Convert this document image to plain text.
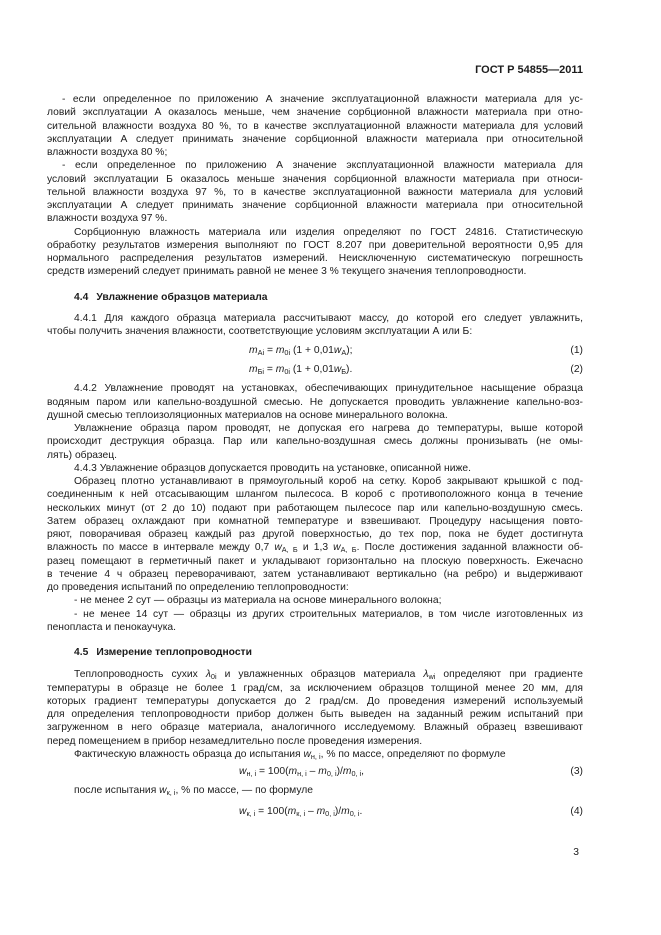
ГОСТ Р 54855—2011
- если определенное по приложению А значение эксплуатационной влажности материала для ус-
ловий эксплуатации А оказалось меньше, чем значение сорбционной влажности материала при отно-
сительной влажности воздуха 80 %, то в качестве эксплуатационной влажности материала для условий
эксплуатации А следует принимать значение сорбционной влажности материала при относительной
влажности воздуха 80 %;
- если определенное по приложению А значение эксплуатационной влажности материала для
условий эксплуатации Б оказалось меньше значения сорбционной влажности материала при относи-
тельной влажности воздуха 97 %, то в качестве эксплуатационной важности материала для условий
эксплуатации А следует принимать значение сорбционной влажности материала при относительной
влажности воздуха 97 %.
Сорбционную влажность материала или изделия определяют по ГОСТ 24816. Статистическую
обработку результатов измерения выполняют по ГОСТ 8.207 при доверительной вероятности 0,95 для
нормального распределения результатов измерений. Неисключенную систематическую погрешность
средств измерений следует принимать равной не менее 3 % текущего значения теплопроводности.
4.4 Увлажнение образцов материала
4.4.1 Для каждого образца материала рассчитывают массу, до которой его следует увлажнить,
чтобы получить значения влажности, соответствующие условиям эксплуатации А или Б:
$m_{Аi} = m_{0i}$ $(1 + 0,01w_А)$;	(1)
$m_{Бi} = m_{0i}$ $(1 + 0,01w_Б)$.	(2)
4.4.2 Увлажнение проводят на установках, обеспечивающих принудительное насыщение образца
водяным паром или капельно-воздушной смесью. Не допускается проводить увлажнение капельно-воз-
душной смесью теплоизоляционных материалов на основе минерального волокна.
Увлажнение образца паром проводят, не допуская его нагрева до температуры, выше которой
происходит деструкция образца. Пар или капельно-воздушная смесь должны пронизывать (не омы-
лять) образец.
4.4.3 Увлажнение образцов допускается проводить на установке, описанной ниже.
Образец плотно устанавливают в прямоугольный короб на сетку. Короб закрывают крышкой с под-
соединенным к ней отсасывающим шлангом пылесоса. В короб с противоположного конца в течение
нескольких минут (от 2 до 10) подают при работающем пылесосе пар или капельно-воздушную смесь.
Затем образец охлаждают при комнатной температуре и взвешивают. Процедуру насыщения повто-
ряют, поворачивая образец каждый раз другой поверхностью, до тех пор, пока не будет достигнута
влажность по массе в интервале между 0,7 $w_{А, Б}$ и 1,3 $w_{А, Б}$. После достижения заданной влажности об-
разец помещают в герметичный пакет и укладывают горизонтально на плоскую поверхность. Ежечасно
в течение 4 ч образец переворачивают, затем устанавливают вертикально (на ребро) и выдерживают
до проведения испытаний по определению теплопроводности:
- не менее 2 сут — образцы из материала на основе минерального волокна;
- не менее 14 сут — образцы из других строительных материалов, в том числе изготовленных из
пенопласта и пенокаучука.
4.5 Измерение теплопроводности
Теплопроводность сухих $\lambda_{0i}$ и увлажненных образцов материала $\lambda_{wi}$ определяют при градиенте
температуры в образце не более 1 град/см, за исключением образцов толщиной менее 20 мм, для
которых градиент температуры допускается до 2 град/см. До проведения измерений используемый
для определения теплопроводности прибор должен быть выведен на заданный режим испытаний при
загруженном в него образце материала, аналогичного исследуемому. Влажный образец взвешивают
перед помещением в прибор незамедлительно после проведения измерения.
Фактическую влажность образца до испытания $w_{н, i}$, % по массе, определяют по формуле
$w_{н, i} = 100(m_{н, i} - m_{0, i})/m_{0, i}$,	(3)
после испытания $w_{к, i}$, % по массе, — по формуле
$w_{к, i} = 100(m_{к, i} - m_{0, i})/m_{0, i}$.	(4)
3
